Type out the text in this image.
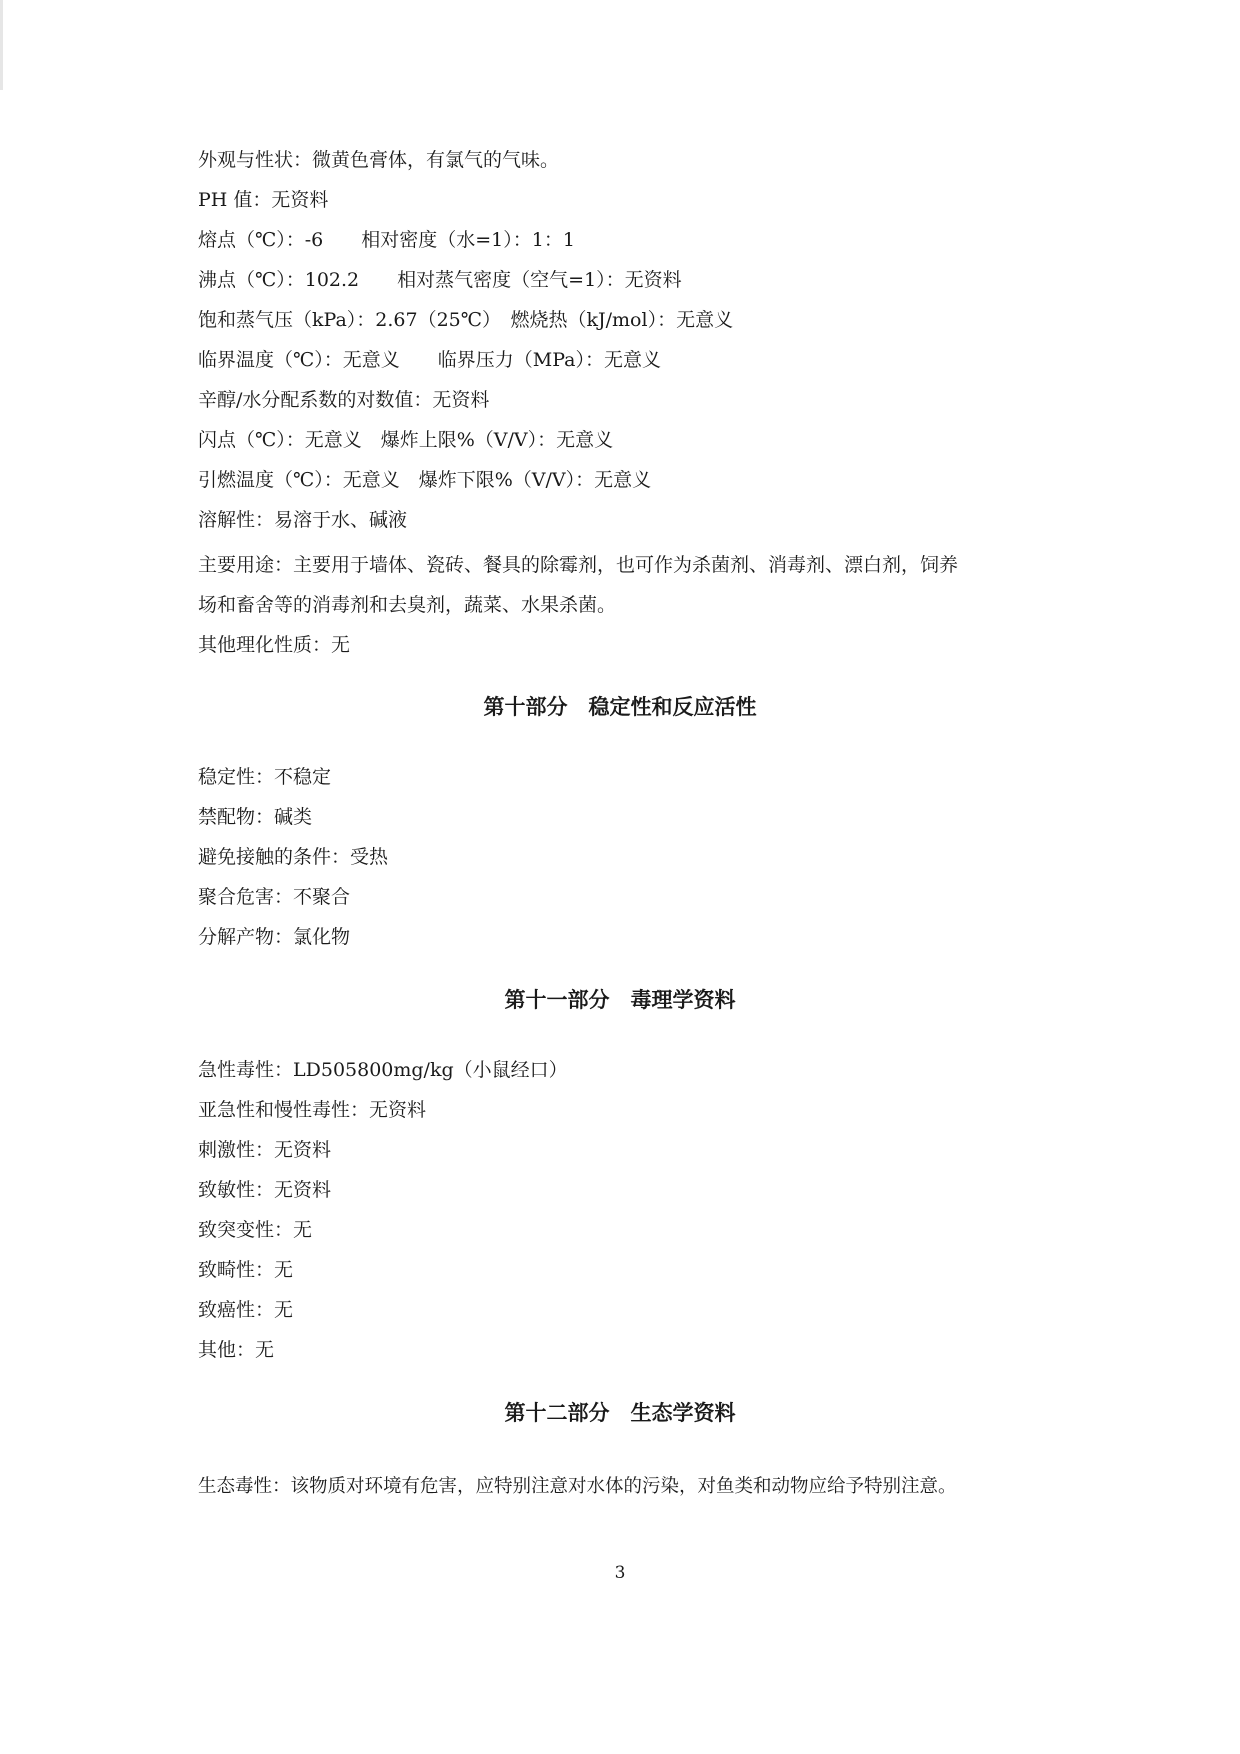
外观与性状：微黄色膏体，有氯气的气味。
PH 值：无资料
熔点（℃）：-6　　相对密度（水=1）：1：1
沸点（℃）：102.2　　相对蒸气密度（空气=1）：无资料
饱和蒸气压（kPa）：2.67（25℃）　燃烧热（kJ/mol）：无意义
临界温度（℃）：无意义　　临界压力（MPa）：无意义
辛醇/水分配系数的对数值：无资料
闪点（℃）：无意义　爆炸上限%（V/V）：无意义
引燃温度（℃）：无意义　爆炸下限%（V/V）：无意义
溶解性：易溶于水、碱液
主要用途：主要用于墙体、瓷砖、餐具的除霉剂，也可作为杀菌剂、消毒剂、漂白剂，饲养
场和畜舍等的消毒剂和去臭剂，蔬菜、水果杀菌。
其他理化性质：无
第十部分　稳定性和反应活性
稳定性：不稳定
禁配物：碱类
避免接触的条件：受热
聚合危害：不聚合
分解产物：氯化物
第十一部分　毒理学资料
急性毒性：LD505800mg/kg（小鼠经口）
亚急性和慢性毒性：无资料
刺激性：无资料
致敏性：无资料
致突变性：无
致畸性：无
致癌性：无
其他：无
第十二部分　生态学资料
生态毒性：该物质对环境有危害，应特别注意对水体的污染，对鱼类和动物应给予特别注意。
3
